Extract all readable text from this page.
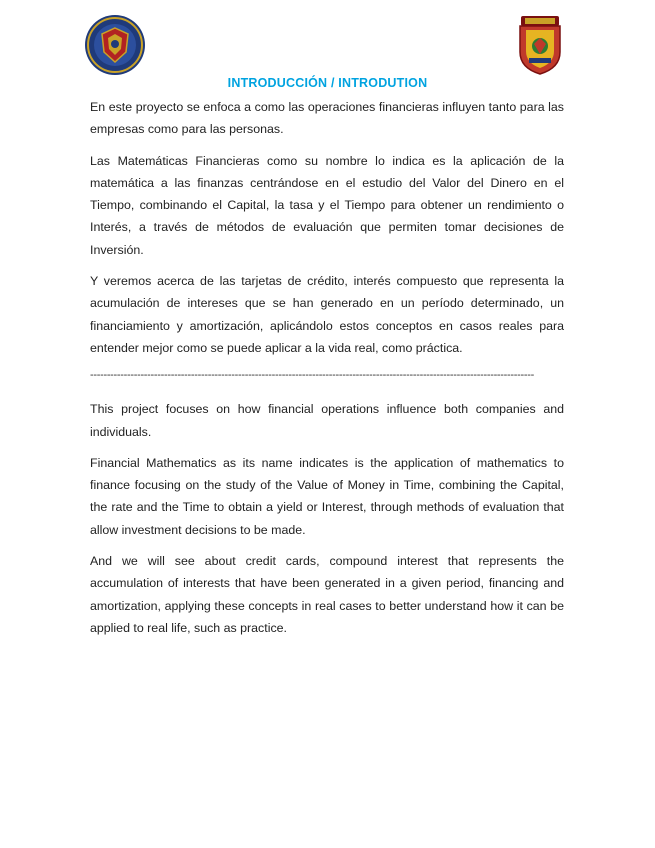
INTRODUCCIÓN / INTRODUTION

En este proyecto se enfoca a como las operaciones financieras influyen tanto para las empresas como para las personas.

Las Matemáticas Financieras como su nombre lo indica es la aplicación de la matemática a las finanzas centrándose en el estudio del Valor del Dinero en el Tiempo, combinando el Capital, la tasa y el Tiempo para obtener un rendimiento o Interés, a través de métodos de evaluación que permiten tomar decisiones de Inversión.

Y veremos acerca de las tarjetas de crédito, interés compuesto que representa la acumulación de intereses que se han generado en un período determinado, un financiamiento y amortización, aplicándolo estos conceptos en casos reales para entender mejor como se puede aplicar a la vida real, como práctica.

------------------------------------------------------------------------------------------------------------------------------------

This project focuses on how financial operations influence both companies and individuals.

Financial Mathematics as its name indicates is the application of mathematics to finance focusing on the study of the Value of Money in Time, combining the Capital, the rate and the Time to obtain a yield or Interest, through methods of evaluation that allow investment decisions to be made.

And we will see about credit cards, compound interest that represents the accumulation of interests that have been generated in a given period, financing and amortization, applying these concepts in real cases to better understand how it can be applied to real life, such as practice.
